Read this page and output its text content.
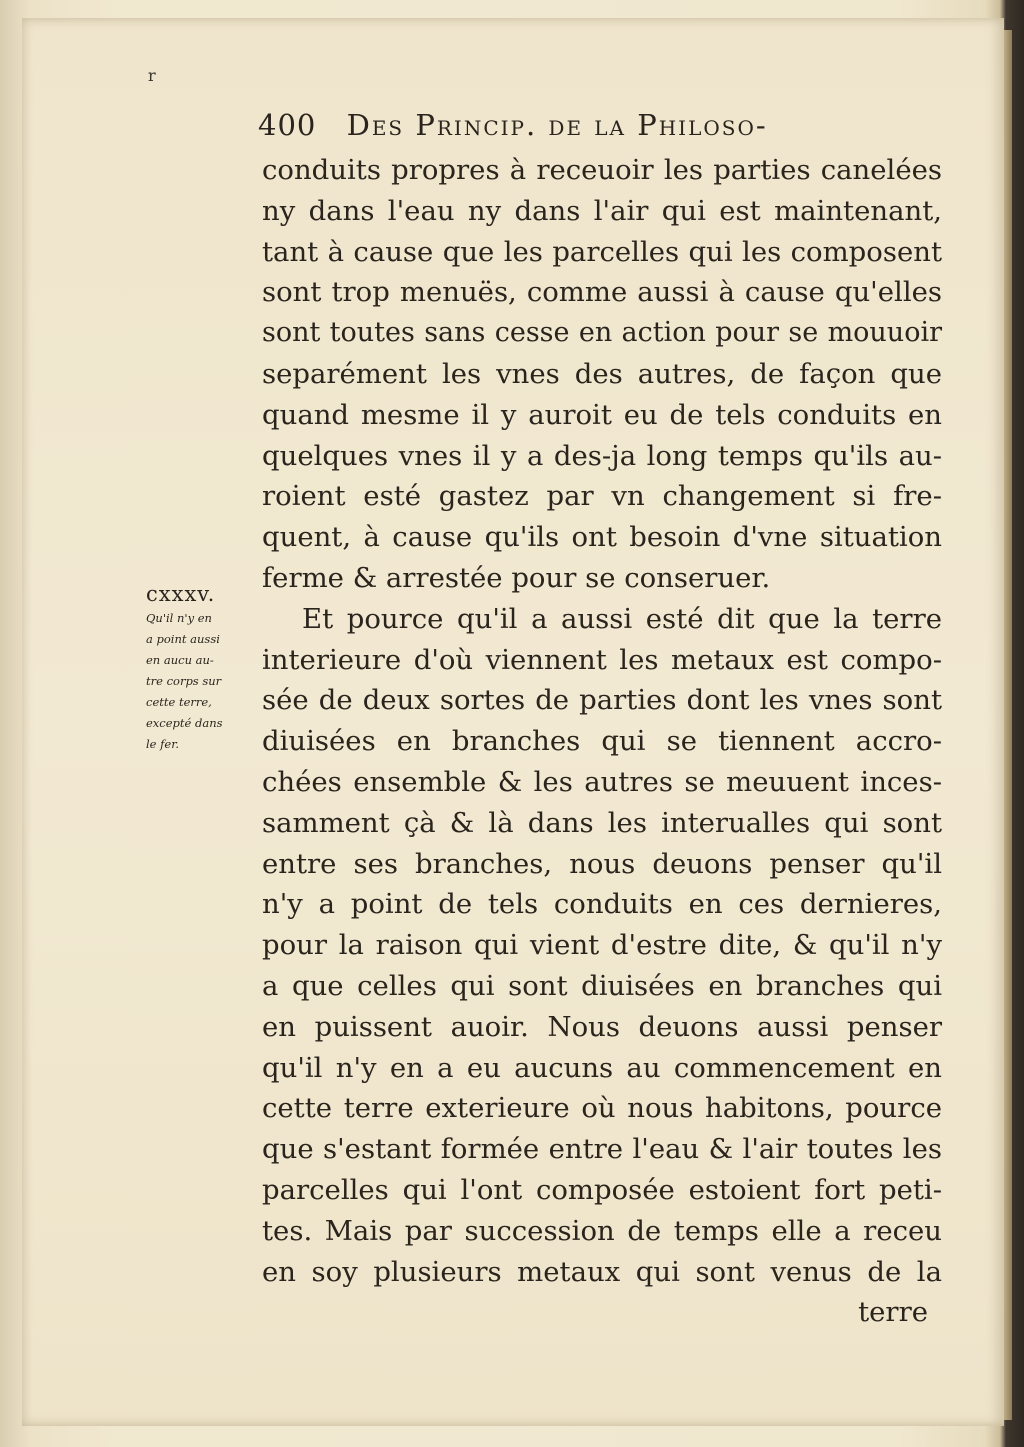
r
400 Des Princip. de la Philoso-
cxxxv.
Qu'il n'y en
a point aussi
en aucu au-
tre corps sur
cette terre,
excepté dans
le fer.
conduits propres à receuoir les parties canelées
ny dans l'eau ny dans l'air qui est maintenant,
tant à cause que les parcelles qui les composent
sont trop menuës, comme aussi à cause qu'elles
sont toutes sans cesse en action pour se mouuoir
separément les vnes des autres, de façon que
quand mesme il y auroit eu de tels conduits en
quelques vnes il y a des-ja long temps qu'ils au-
roient esté gastez par vn changement si fre-
quent, à cause qu'ils ont besoin d'vne situation
ferme & arrestée pour se conseruer.
Et pource qu'il a aussi esté dit que la terre
interieure d'où viennent les metaux est compo-
sée de deux sortes de parties dont les vnes sont
diuisées en branches qui se tiennent accro-
chées ensemble & les autres se meuuent inces-
samment çà & là dans les interualles qui sont
entre ses branches, nous deuons penser qu'il
n'y a point de tels conduits en ces dernieres,
pour la raison qui vient d'estre dite, & qu'il n'y
a que celles qui sont diuisées en branches qui
en puissent auoir. Nous deuons aussi penser
qu'il n'y en a eu aucuns au commencement en
cette terre exterieure où nous habitons, pource
que s'estant formée entre l'eau & l'air toutes les
parcelles qui l'ont composée estoient fort peti-
tes. Mais par succession de temps elle a receu
en soy plusieurs metaux qui sont venus de la
terre
